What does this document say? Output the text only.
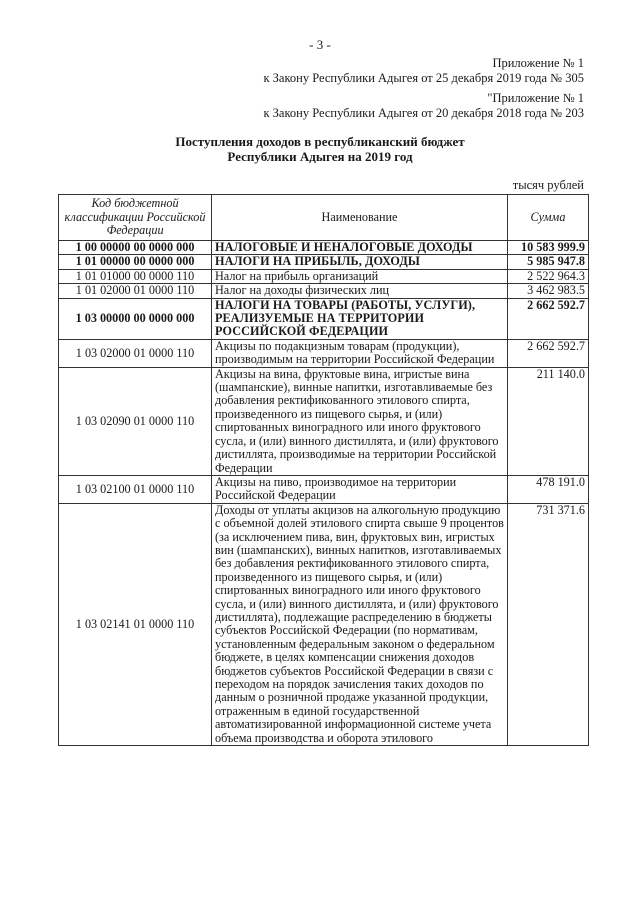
- 3 -
Приложение № 1
к Закону Республики Адыгея от 25 декабря 2019 года № 305
"Приложение № 1
к Закону Республики Адыгея от 20 декабря 2018 года № 203
Поступления доходов в республиканский бюджет
Республики Адыгея на 2019 год
тысяч рублей
Код бюджетной классификации Российской Федерации	Наименование	Сумма
1 00 00000 00 0000 000	НАЛОГОВЫЕ И НЕНАЛОГОВЫЕ ДОХОДЫ	10 583 999.9
1 01 00000 00 0000 000	НАЛОГИ НА ПРИБЫЛЬ, ДОХОДЫ	5 985 947.8
1 01 01000 00 0000 110	Налог на прибыль организаций	2 522 964.3
1 01 02000 01 0000 110	Налог на доходы физических лиц	3 462 983.5
1 03 00000 00 0000 000	НАЛОГИ НА ТОВАРЫ (РАБОТЫ, УСЛУГИ), РЕАЛИЗУЕМЫЕ НА ТЕРРИТОРИИ РОССИЙСКОЙ ФЕДЕРАЦИИ	2 662 592.7
1 03 02000 01 0000 110	Акцизы по подакцизным товарам (продукции), производимым на территории Российской Федерации	2 662 592.7
1 03 02090 01 0000 110	Акцизы на вина, фруктовые вина, игристые вина (шампанские), винные напитки, изготавливаемые без добавления ректификованного этилового спирта, произведенного из пищевого сырья, и (или) спиртованных виноградного или иного фруктового сусла, и (или) винного дистиллята, и (или) фруктового дистиллята, производимые на территории Российской Федерации	211 140.0
1 03 02100 01 0000 110	Акцизы на пиво, производимое на территории Российской Федерации	478 191.0
1 03 02141 01 0000 110	Доходы от уплаты акцизов на алкогольную продукцию с объемной долей этилового спирта свыше 9 процентов (за исключением пива, вин, фруктовых вин, игристых вин (шампанских), винных напитков, изготавливаемых без добавления ректификованного этилового спирта, произведенного из пищевого сырья, и (или) спиртованных виноградного или иного фруктового сусла, и (или) винного дистиллята, и (или) фруктового дистиллята), подлежащие распределению в бюджеты субъектов Российской Федерации (по нормативам, установленным федеральным законом о федеральном бюджете, в целях компенсации снижения доходов бюджетов субъектов Российской Федерации в связи с переходом на порядок зачисления таких доходов по данным о розничной продаже указанной продукции, отраженным в единой государственной автоматизированной информационной системе учета объема производства и оборота этилового	731 371.6
